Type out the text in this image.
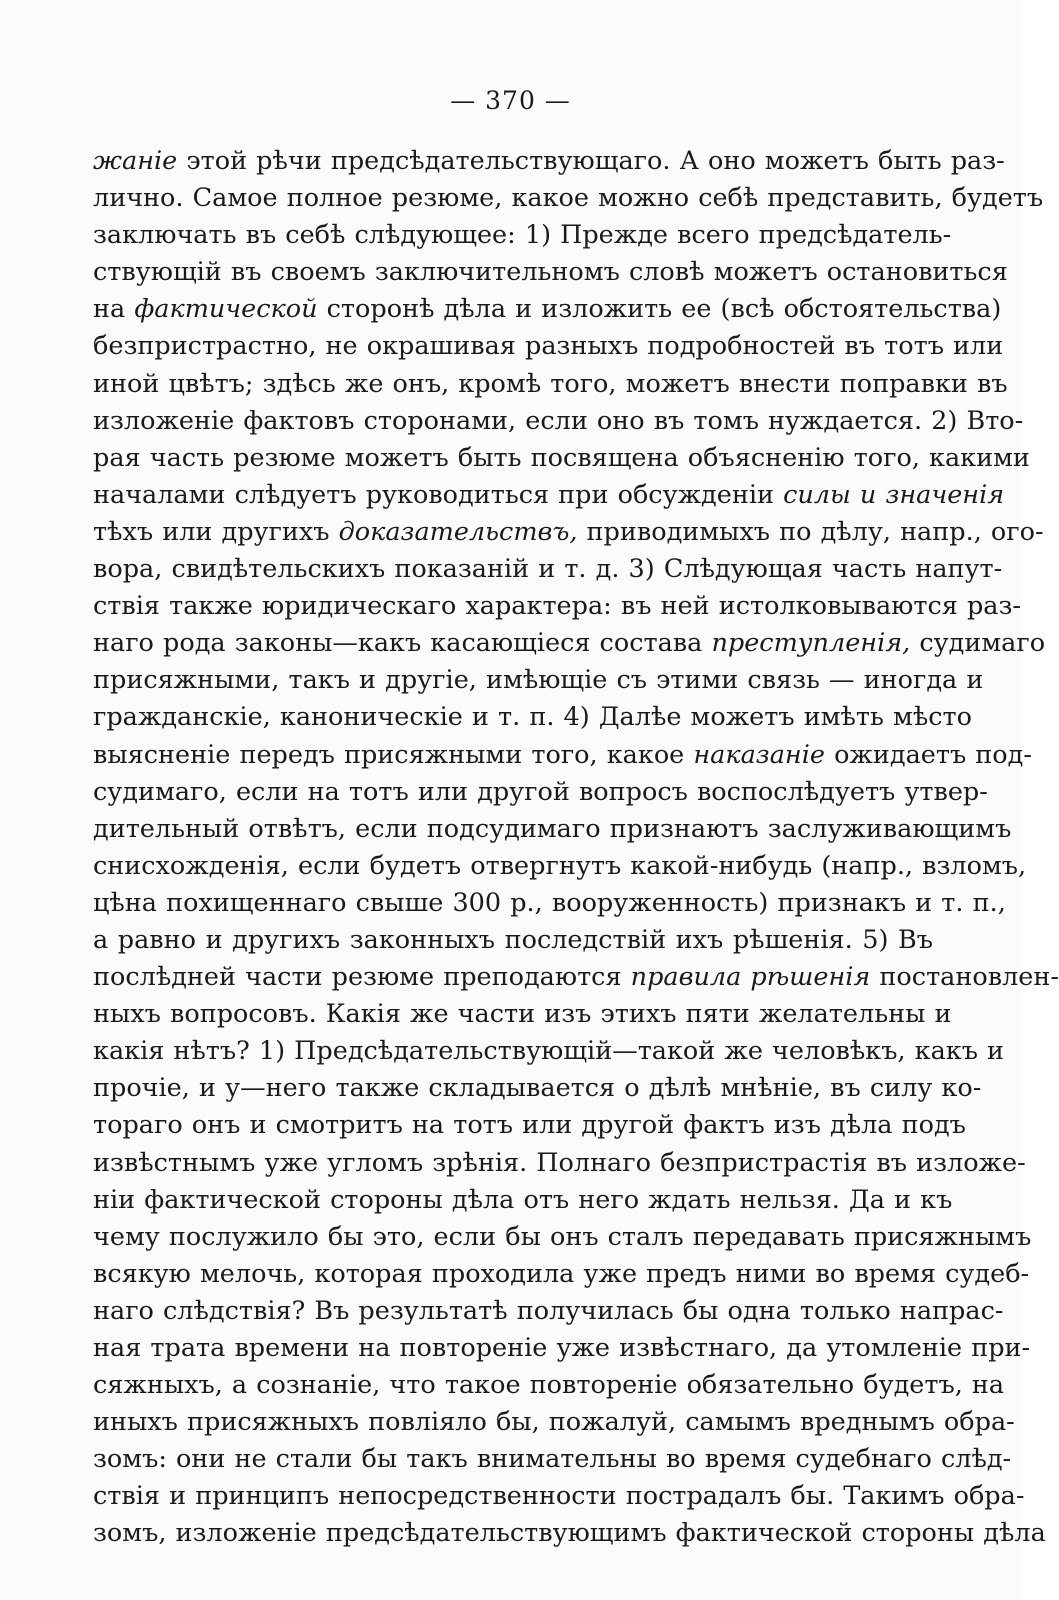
— 370 —
жаніе этой рѣчи предсѣдательствующаго. А оно можетъ быть раз-
лично. Самое полное резюме, какое можно себѣ представить, будетъ
заключать въ себѣ слѣдующее: 1) Прежде всего предсѣдатель-
ствующій въ своемъ заключительномъ словѣ можетъ остановиться
на фактической сторонѣ дѣла и изложить ее (всѣ обстоятельства)
безпристрастно, не окрашивая разныхъ подробностей въ тотъ или
иной цвѣтъ; здѣсь же онъ, кромѣ того, можетъ внести поправки въ
изложеніе фактовъ сторонами, если оно въ томъ нуждается. 2) Вто-
рая часть резюме можетъ быть посвящена объясненію того, какими
началами слѣдуетъ руководиться при обсужденіи силы и значенія
тѣхъ или другихъ доказательствъ, приводимыхъ по дѣлу, напр., ого-
вора, свидѣтельскихъ показаній и т. д. 3) Слѣдующая часть напут-
ствія также юридическаго характера: въ ней истолковываются раз-
наго рода законы—какъ касающіеся состава преступленія, судимаго
присяжными, такъ и другіе, имѣющіе съ этими связь — иногда и
гражданскіе, каноническіе и т. п. 4) Далѣе можетъ имѣть мѣсто
выясненіе передъ присяжными того, какое наказаніе ожидаетъ под-
судимаго, если на тотъ или другой вопросъ воспослѣдуетъ утвер-
дительный отвѣтъ, если подсудимаго признаютъ заслуживающимъ
снисхожденія, если будетъ отвергнутъ какой-нибудь (напр., взломъ,
цѣна похищеннаго свыше 300 р., вооруженность) признакъ и т. п.,
а равно и другихъ законныхъ последствій ихъ рѣшенія. 5) Въ
послѣдней части резюме преподаются правила рѣшенія постановлен-
ныхъ вопросовъ. Какія же части изъ этихъ пяти желательны и
какія нѣтъ? 1) Предсѣдательствующій—такой же человѣкъ, какъ и
прочіе, и у—него также складывается о дѣлѣ мнѣніе, въ силу ко-
тораго онъ и смотритъ на тотъ или другой фактъ изъ дѣла подъ
извѣстнымъ уже угломъ зрѣнія. Полнаго безпристрастія въ изложе-
ніи фактической стороны дѣла отъ него ждать нельзя. Да и къ
чему послужило бы это, если бы онъ сталъ передавать присяжнымъ
всякую мелочь, которая проходила уже предъ ними во время судеб-
наго слѣдствія? Въ результатѣ получилась бы одна только напрас-
ная трата времени на повтореніе уже извѣстнаго, да утомленіе при-
сяжныхъ, а сознаніе, что такое повтореніе обязательно будетъ, на
иныхъ присяжныхъ повліяло бы, пожалуй, самымъ вреднымъ обра-
зомъ: они не стали бы такъ внимательны во время судебнаго слѣд-
ствія и принципъ непосредственности пострадалъ бы. Такимъ обра-
зомъ, изложеніе предсѣдательствующимъ фактической стороны дѣла
